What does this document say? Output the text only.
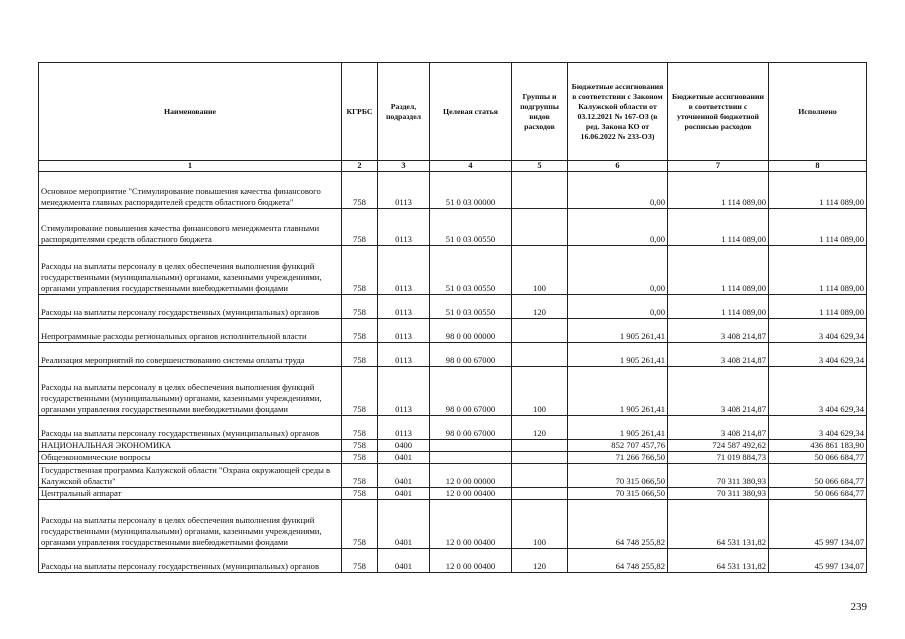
Наименование	КГРБС	Раздел, подраздел	Целевая статья	Группы и подгруппы видов расходов	Бюджетные ассигнования в соответствии с Законом Калужской области от 03.12.2021 № 167-ОЗ (в ред. Закона КО от 16.06.2022 № 233-ОЗ)	Бюджетные ассигновании в соответствии с уточненной бюджетной росписью расходов	Исполнено
1	2	3	4	5	6	7	8
Основное мероприятие "Стимулирование повышения качества финансового менеджмента главных распорядителей средств областного бюджета"	758	0113	51 0 03 00000		0,00	1 114 089,00	1 114 089,00
Стимулирование повышения качества финансового менеджмента главными распорядителями средств областного бюджета	758	0113	51 0 03 00550		0,00	1 114 089,00	1 114 089,00
Расходы на выплаты персоналу в целях обеспечения выполнения функций государственными (муниципальными) органами, казенными учреждениями, органами управления государственными внебюджетными фондами	758	0113	51 0 03 00550	100	0,00	1 114 089,00	1 114 089,00
Расходы на выплаты персоналу государственных (муниципальных) органов	758	0113	51 0 03 00550	120	0,00	1 114 089,00	1 114 089,00
Непрограммные расходы региональных органов исполнительной власти	758	0113	98 0 00 00000		1 905 261,41	3 408 214,87	3 404 629,34
Реализация мероприятий по совершенствованию системы оплаты труда	758	0113	98 0 00 67000		1 905 261,41	3 408 214,87	3 404 629,34
Расходы на выплаты персоналу в целях обеспечения выполнения функций государственными (муниципальными) органами, казенными учреждениями, органами управления государственными внебюджетными фондами	758	0113	98 0 00 67000	100	1 905 261,41	3 408 214,87	3 404 629,34
Расходы на выплаты персоналу государственных (муниципальных) органов	758	0113	98 0 00 67000	120	1 905 261,41	3 408 214,87	3 404 629,34
НАЦИОНАЛЬНАЯ ЭКОНОМИКА	758	0400			852 707 457,76	724 587 492,62	436 861 183,90
Общеэкономические вопросы	758	0401			71 266 766,50	71 019 884,73	50 066 684,77
Государственная программа Калужской области "Охрана окружающей среды в Калужской области"	758	0401	12 0 00 00000		70 315 066,50	70 311 380,93	50 066 684,77
Центральный аппарат	758	0401	12 0 00 00400		70 315 066,50	70 311 380,93	50 066 684,77
Расходы на выплаты персоналу в целях обеспечения выполнения функций государственными (муниципальными) органами, казенными учреждениями, органами управления государственными внебюджетными фондами	758	0401	12 0 00 00400	100	64 748 255,82	64 531 131,82	45 997 134,07
Расходы на выплаты персоналу государственных (муниципальных) органов	758	0401	12 0 00 00400	120	64 748 255,82	64 531 131,82	45 997 134,07
239
